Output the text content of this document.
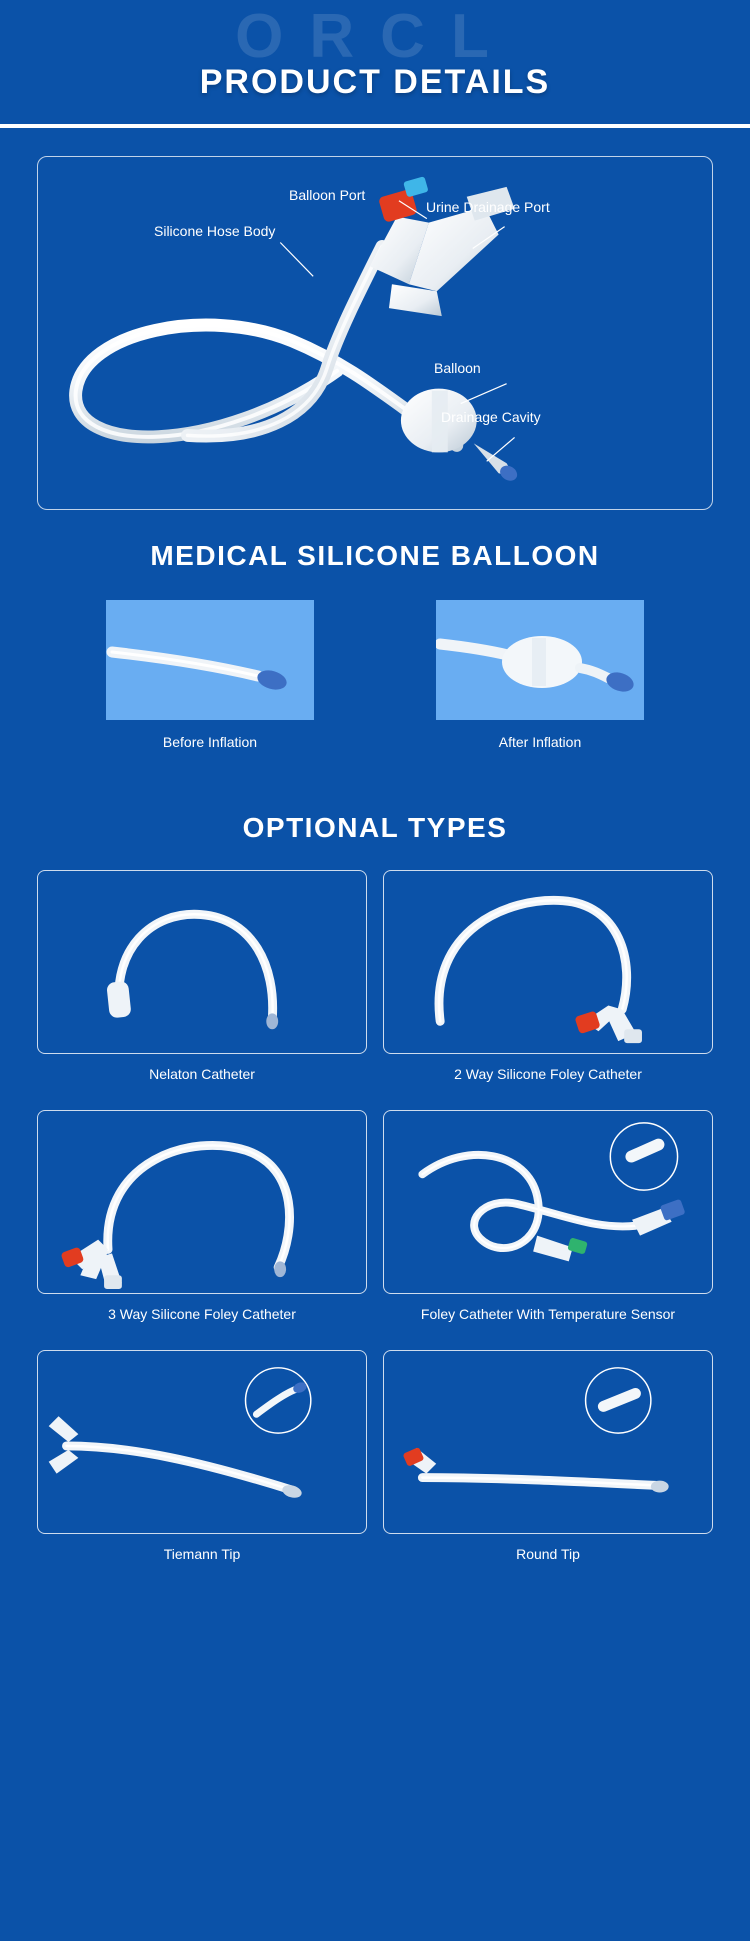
ORCL
PRODUCT DETAILS
Silicone Hose Body
Balloon Port
Urine Drainage Port
Balloon
Drainage Cavity
MEDICAL SILICONE BALLOON
Before Inflation	After Inflation
OPTIONAL TYPES
Nelaton Catheter	2 Way Silicone Foley Catheter
3 Way Silicone Foley Catheter	Foley Catheter With Temperature Sensor
Tiemann Tip	Round Tip
